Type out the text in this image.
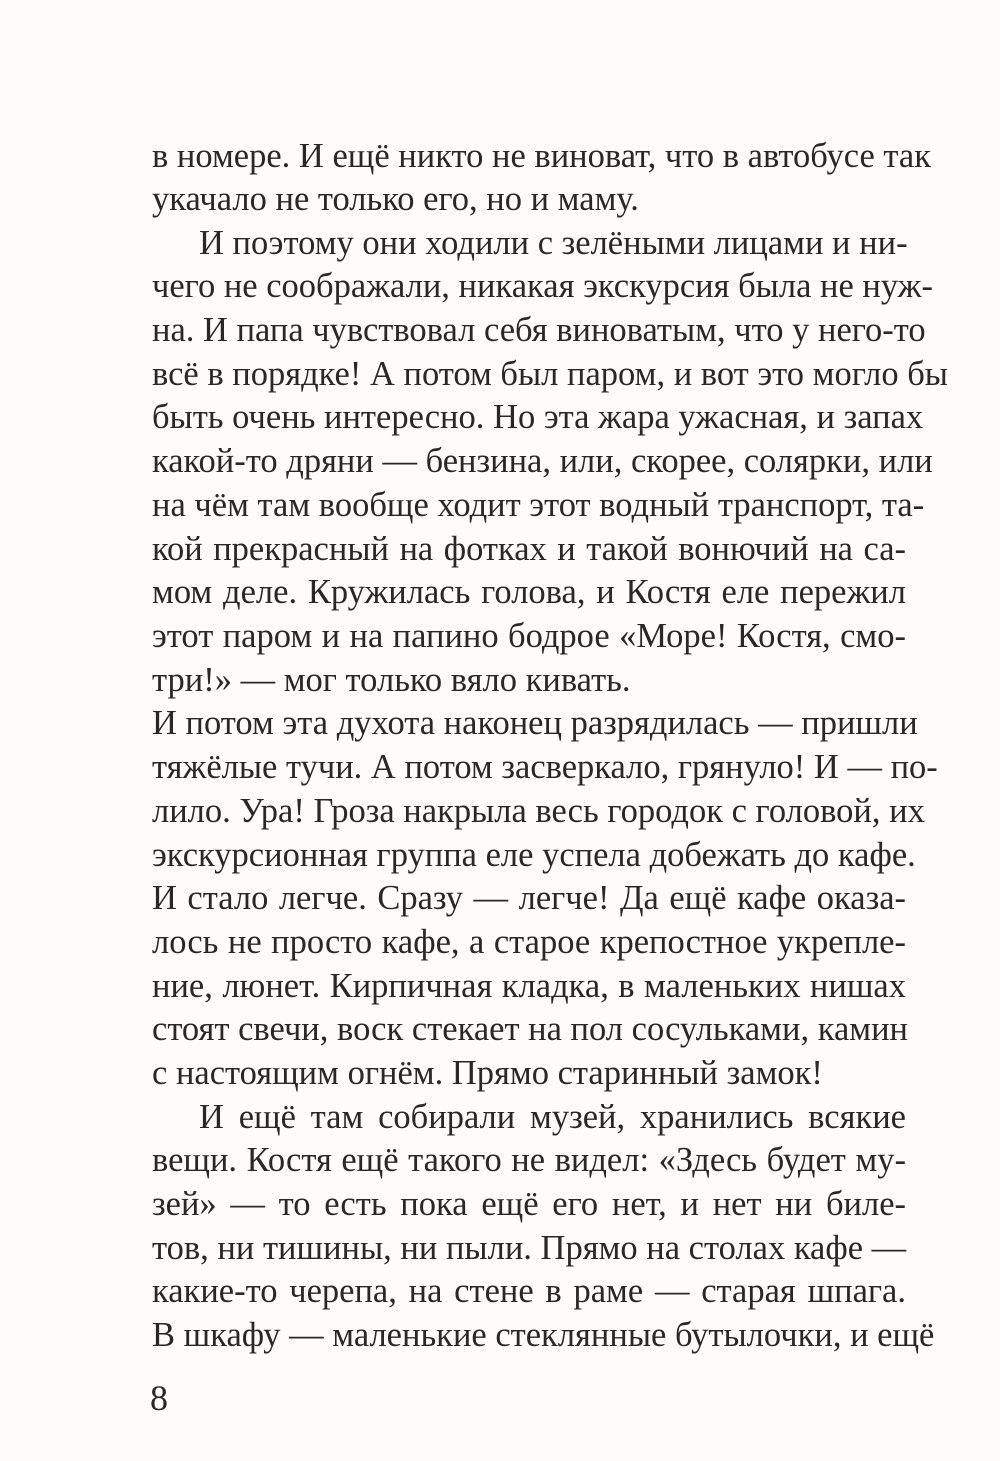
в номере. И ещё никто не виноват, что в автобусе так
укачало не только его, но и маму.
И поэтому они ходили с зелёными лицами и ни-
чего не соображали, никакая экскурсия была не нуж-
на. И папа чувствовал себя виноватым, что у него-то
всё в порядке! А потом был паром, и вот это могло бы
быть очень интересно. Но эта жара ужасная, и запах
какой-то дряни — бензина, или, скорее, солярки, или
на чём там вообще ходит этот водный транспорт, та-
кой прекрасный на фотках и такой вонючий на са-
мом деле. Кружилась голова, и Костя еле пережил
этот паром и на папино бодрое «Море! Костя, смо-
три!» — мог только вяло кивать.
И потом эта духота наконец разрядилась — пришли
тяжёлые тучи. А потом засверкало, грянуло! И — по-
лило. Ура! Гроза накрыла весь городок с головой, их
экскурсионная группа еле успела добежать до кафе.
И стало легче. Сразу — легче! Да ещё кафе оказа-
лось не просто кафе, а старое крепостное укрепле-
ние, люнет. Кирпичная кладка, в маленьких нишах
стоят свечи, воск стекает на пол сосульками, камин
с настоящим огнём. Прямо старинный замок!
И ещё там собирали музей, хранились всякие
вещи. Костя ещё такого не видел: «Здесь будет му-
зей» — то есть пока ещё его нет, и нет ни биле-
тов, ни тишины, ни пыли. Прямо на столах кафе —
какие-то черепа, на стене в раме — старая шпага.
В шкафу — маленькие стеклянные бутылочки, и ещё
8
